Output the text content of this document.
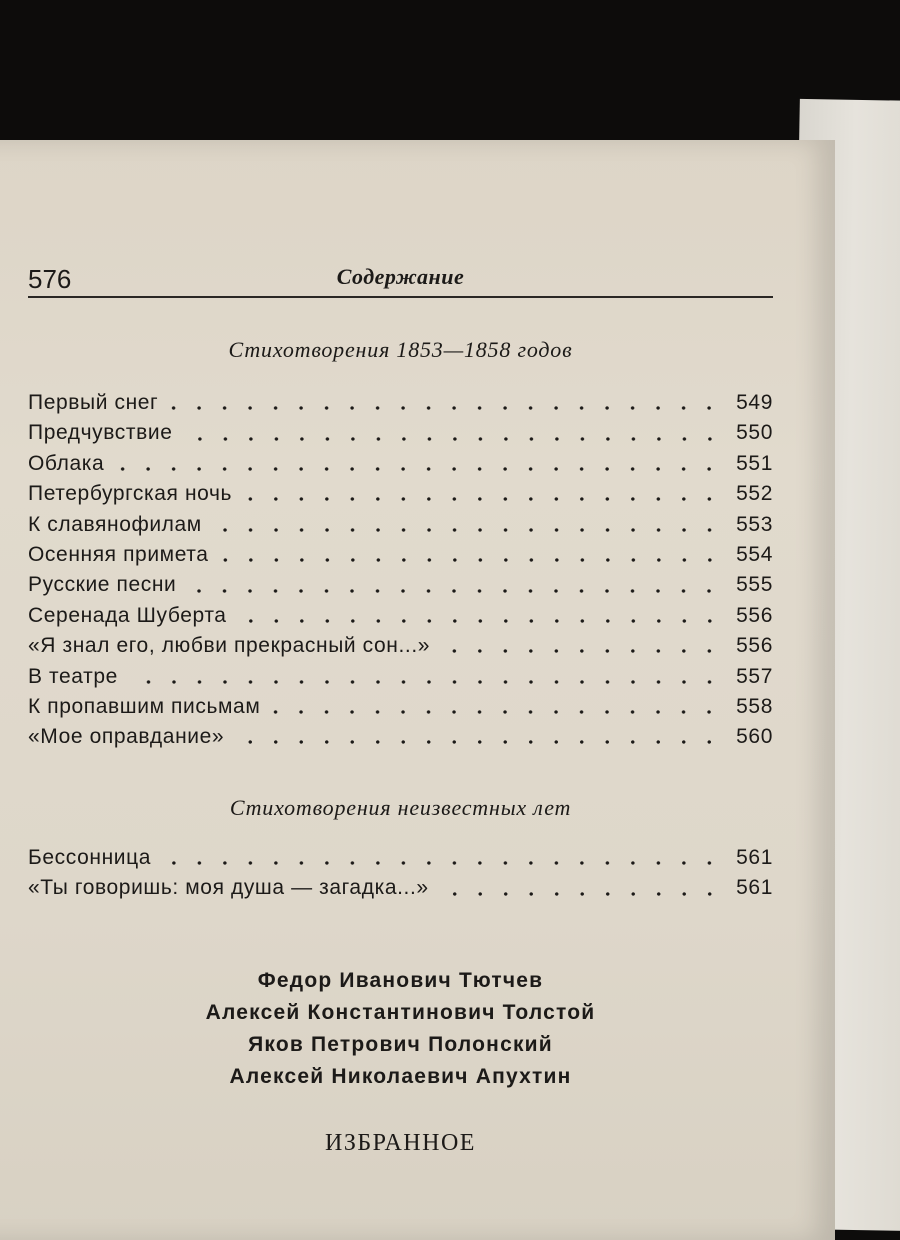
576	Содержание
Стихотворения 1853—1858 годов
Первый снег	549
Предчувствие	550
Облака	551
Петербургская ночь	552
К славянофилам	553
Осенняя примета	554
Русские песни	555
Серенада Шуберта	556
«Я знал его, любви прекрасный сон...»	556
В театре	557
К пропавшим письмам	558
«Мое оправдание»	560
Стихотворения неизвестных лет
Бессонница	561
«Ты говоришь: моя душа — загадка...»	561
Федор Иванович Тютчев
Алексей Константинович Толстой
Яков Петрович Полонский
Алексей Николаевич Апухтин
ИЗБРАННОЕ
